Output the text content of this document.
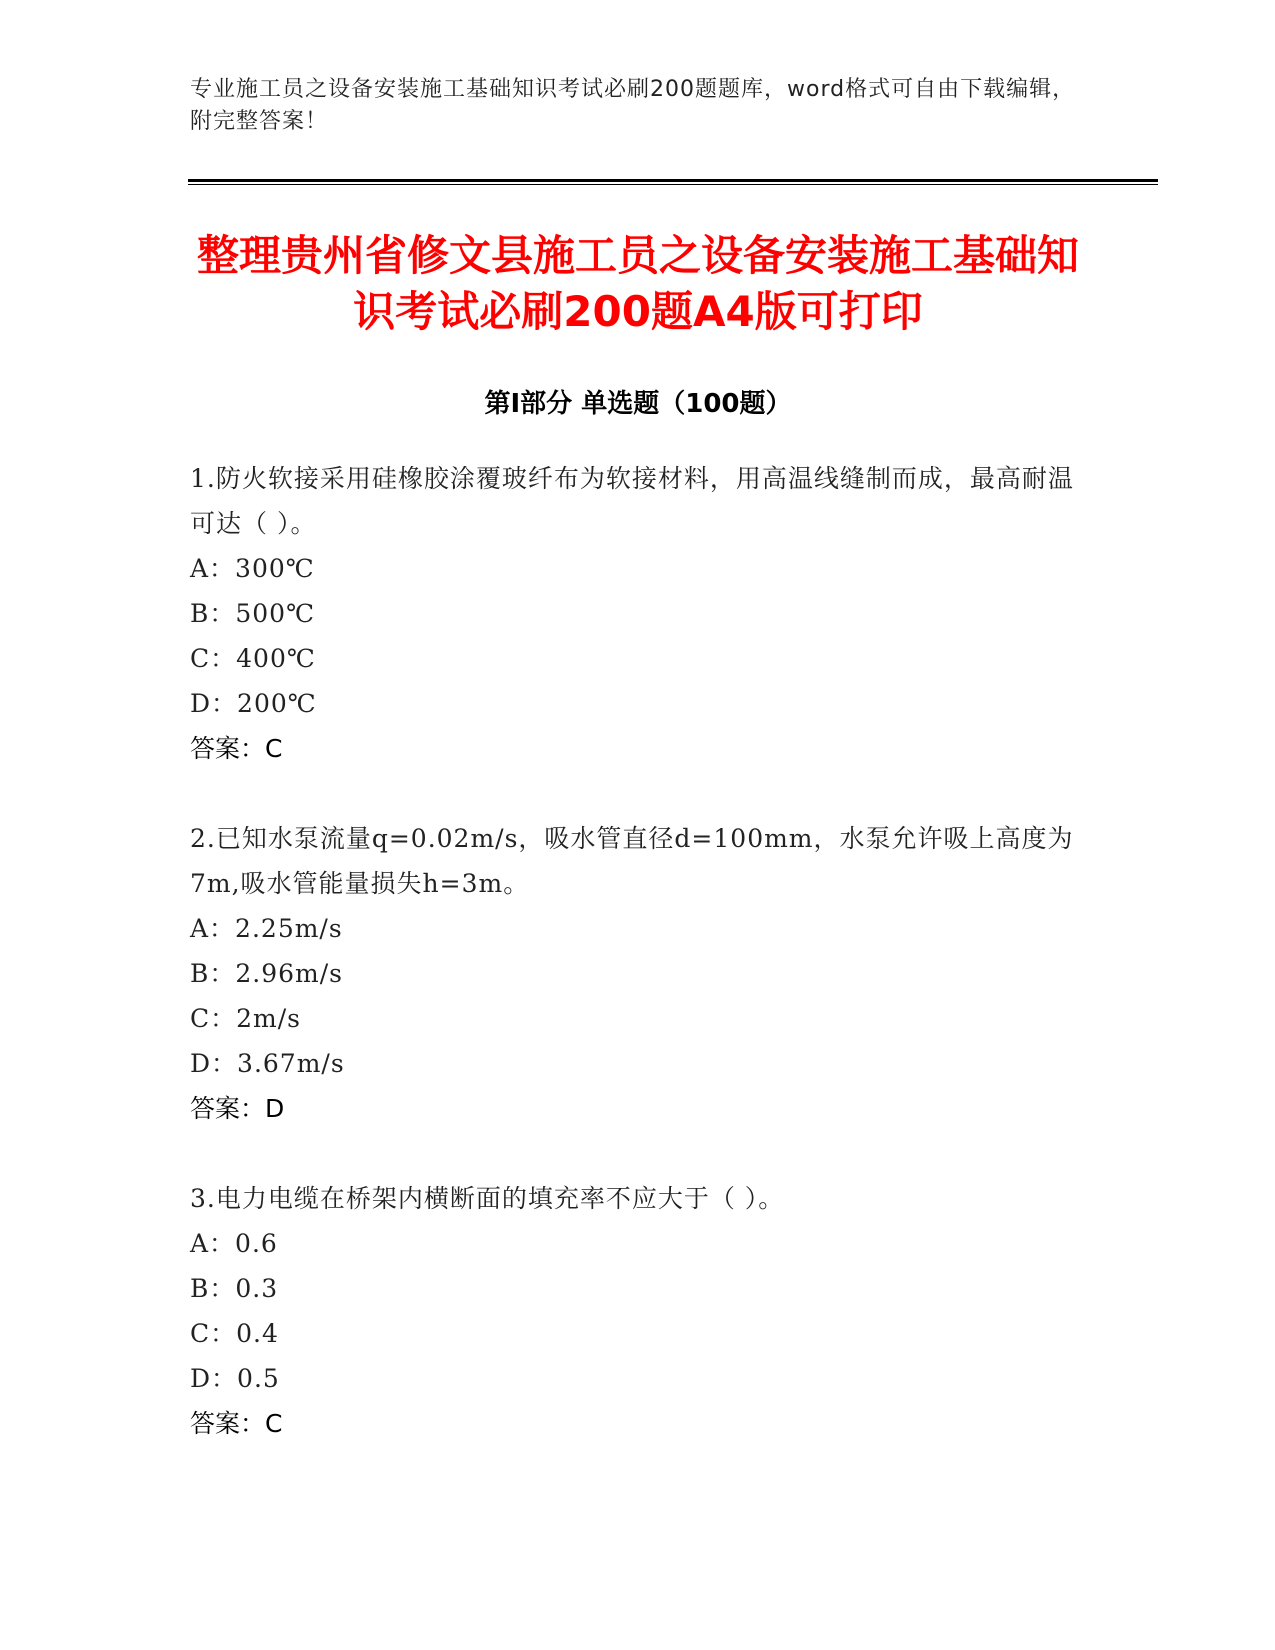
专业施工员之设备安装施工基础知识考试必刷200题题库，word格式可自由下载编辑，附完整答案！
整理贵州省修文县施工员之设备安装施工基础知识考试必刷200题A4版可打印
第Ⅰ部分 单选题（100题）
1.防火软接采用硅橡胶涂覆玻纤布为软接材料，用高温线缝制而成，最高耐温可达（ ）。
A：300℃
B：500℃
C：400℃
D：200℃
答案：C
2.已知水泵流量q=0.02m/s，吸水管直径d=100mm，水泵允许吸上高度为7m,吸水管能量损失h=3m。
A：2.25m/s
B：2.96m/s
C：2m/s
D：3.67m/s
答案：D
3.电力电缆在桥架内横断面的填充率不应大于（ ）。
A：0.6
B：0.3
C：0.4
D：0.5
答案：C
